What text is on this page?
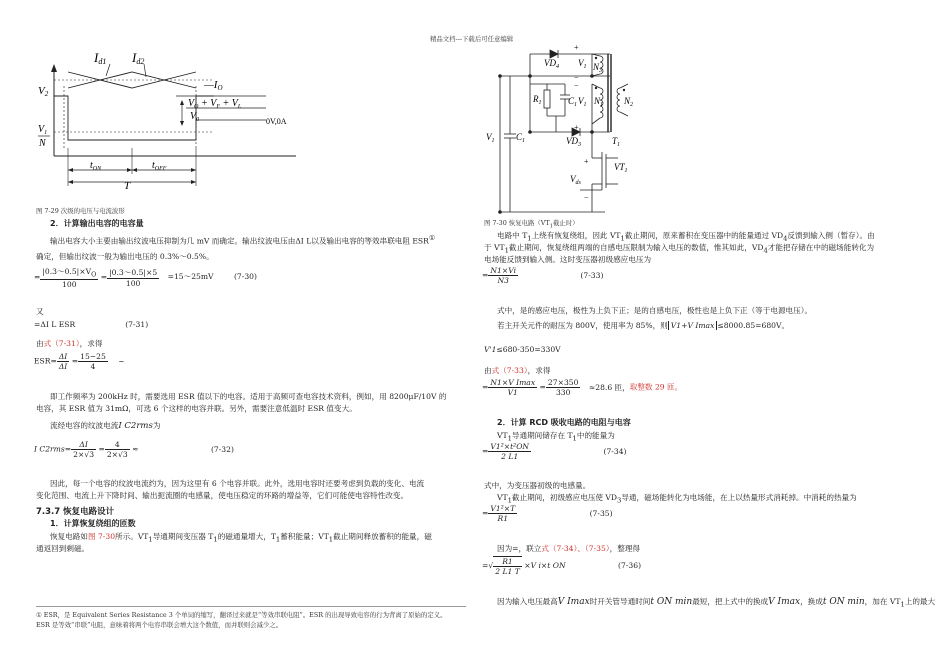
精品文档---下载后可任意编辑
Id1 Id2
—IO
V2
$V_O + V_F + V_L$
$V_0$	0V,0A
$V_1$
N
$t_{ON}$	$t_{OFF}$
T
图 7-29 次级的电压与电流波形
2．计算输出电容的电容量
输出电容大小主要由输出纹波电压抑制为几 mV 而确定。输出纹波电压由ΔI L以及输出电容的等效串联电阻 ESR①
确定，但输出纹波一般为输出电压的 0.3%～0.5%。
= $\frac{|0.3\sim 0.5|\times V_O}{100} = \frac{|0.3\sim 0.5|\times 5}{100}$ =15～25mV	(7-30)
又
=ΔI L ESR	(7-31)
由式（7-31），求得
$ESR= \frac{\Delta I}{\Delta I} = \frac{15\sim 25}{4}$ ~
即工作频率为 200kHz 时，需要选用 ESR 值以下的电容。适用于高频可查电容技术资料，例如，用 8200μF/10V 的
电容，其 ESR 值为 31mΩ，可选 6 个这样的电容并联。另外，需要注意低温时 ESR 值变大。
流经电容的纹波电流I C2rms为
I $C2rms= \frac{\Delta I}{2\times√3} = \frac{4}{2\times√3}$ ≈	(7-32)
因此，每一个电容的纹波电流约为，因为这里有 6 个电容并联。此外，选用电容时还要考虑到负载的变化、电流
变化范围、电流上升下降时间、输出扼流圈的电感量，使电压稳定的环路的增益等，它们可能使电容特性改变。
7.3.7 恢复电路设计
1．计算恢复绕组的匝数
恢复电路如图 7-30所示。$VT_1$导通期间变压器 $T_1$的磁通量增大，$T_1$蓄积能量；$VT_1$截止期间释放蓄积的能量，磁
通返回到剩磁。
① ESR，是 Equivalent Series Resistance 3 个单词的缩写，翻译过来就是“等效串联电阻”。ESR 的出现导致电容的行为背离了原始的定义。
ESR 是等效“串联”电阻，意味着将两个电容串联会增大这个数值，而并联则会减少之。
$VD_4$ $V_1$ $N_3$
$R_1$	$C_1$ $V_1$ $N_1$ $N_2$
$VD_3$	$T_1$
$V_1$ $C_1$
$VT_1$
$V_{ds}$
+
−
−
+
+
−
图 7-30 恢复电路（$VT_1$截止时）
电路中 $T_1$上绕有恢复绕组，因此 $VT_1$截止期间，原来蓄积在变压器中的能量通过 $VD_4$反馈到输入侧（暂存）。由
于 $VT_1$截止期间，恢复绕组两端的自感电压限制为输入电压的数值，惟其如此，$VD_4$才能把存储在中的磁场能转化为
电场能反馈到输入侧。这时变压器初级感应电压为
= $\frac{N1\times Vi}{N3}$	(7-33)
式中，是的感应电压，极性为上负下正；是的自感电压，极性也是上负下正（等于电源电压）。
若主开关元件的耐压为 800V，使用率为 85%，则 V1+V Imax ≤8000.85=680V。
V'1≤680-350=330V
由式（7-33），求得
= $\frac{\text{N1×V Imax}}{V1} = \frac{27\times 350}{330} \approx 28.6$ 匝，取整数 29 匝。
2．计算 RCD 吸收电路的电阻与电容
$VT_1$导通期间储存在 $T_1$中的能量为
= $\frac{\text{V1²×t²ON}}{2 L1}$	(7-34)
式中，为变压器初级的电感量。
$VT_1$截止期间，初级感应电压使 $VD_3$导通，磁场能转化为电场能，在上以热量形式消耗掉。中消耗的热量为
= $\frac{\text{V1²×T}}{R1}$	(7-35)
因为=，联立式（7-34）、（7-35），整理得
=√ $\frac{R1}{2 L1 T} \times V$ i×t ON	(7-36)
因为输入电压最高V Imax时开关管导通时间t ON min最短，把上式中的换成V Imax，换成t ON min，加在 $VT_1$上的最大
